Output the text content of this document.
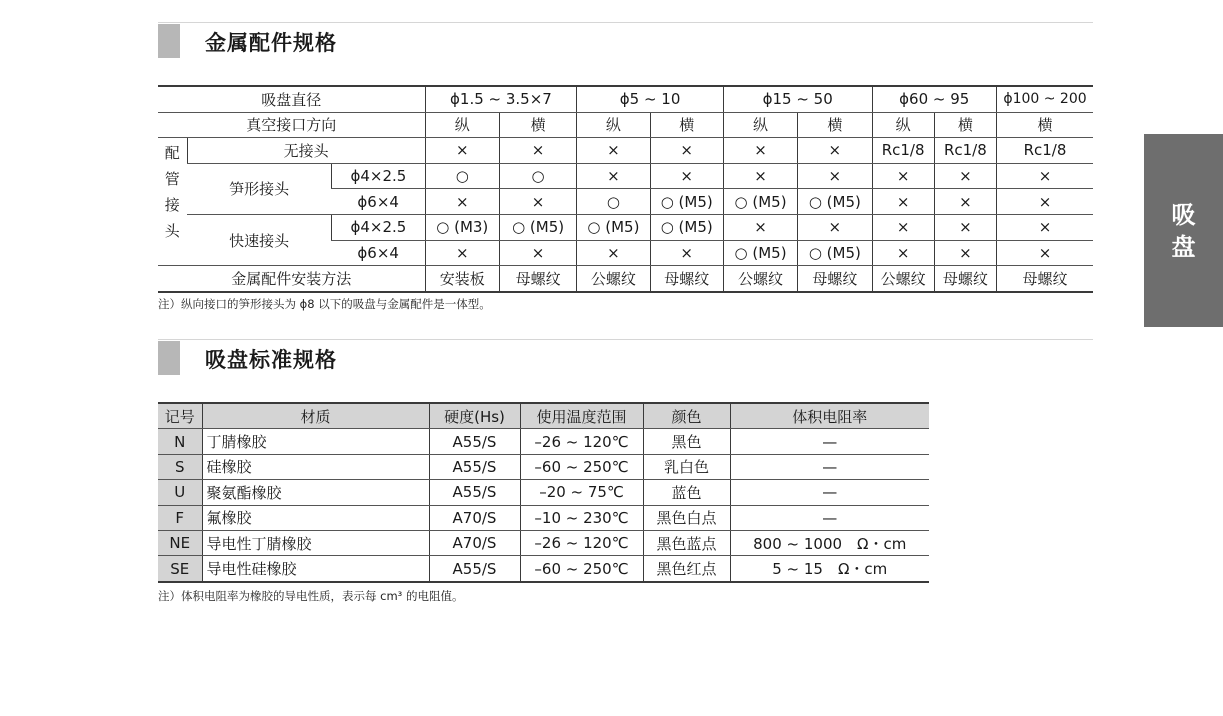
金属配件规格
吸盘直径			ϕ1.5 ~ 3.5×7		ϕ5 ~ 10		ϕ15 ~ 50		ϕ60 ~ 95		ϕ100 ~ 200
真空接口方向			纵	横	纵	横	纵	横	纵	横	横

配
管
接
头	无接头		×	×	×	×	×	×	Rc1/8	Rc1/8	Rc1/8
	笋形接头	ϕ4×2.5	○	○	×	×	×	×	×	×	×
		ϕ6×4	×	×	○	○ (M5)	○ (M5)	○ (M5)	×	×	×
	快速接头	ϕ4×2.5	○ (M3)	○ (M5)	○ (M5)	○ (M5)	×	×	×	×	×
		ϕ6×4	×	×	×	×	○ (M5)	○ (M5)	×	×	×
金属配件安装方法			安装板	母螺纹	公螺纹	母螺纹	公螺纹	母螺纹	公螺纹	母螺纹	母螺纹
注）纵向接口的笋形接头为 ϕ8 以下的吸盘与金属配件是一体型。
吸盘标准规格
记号	材质	硬度(Hs)	使用温度范围	颜色	体积电阻率
N	丁腈橡胶	A55/S	–26 ~ 120℃	黑色	—
S	硅橡胶	A55/S	–60 ~ 250℃	乳白色	—
U	聚氨酯橡胶	A55/S	–20 ~ 75℃	蓝色	—
F	氟橡胶	A70/S	–10 ~ 230℃	黑色白点	—
NE	导电性丁腈橡胶	A70/S	–26 ~ 120℃	黑色蓝点	800 ~ 1000　Ω・cm
SE	导电性硅橡胶	A55/S	–60 ~ 250℃	黑色红点	5 ~ 15　Ω・cm
注）体积电阻率为橡胶的导电性质，表示每 cm³ 的电阻值。
吸
盘
